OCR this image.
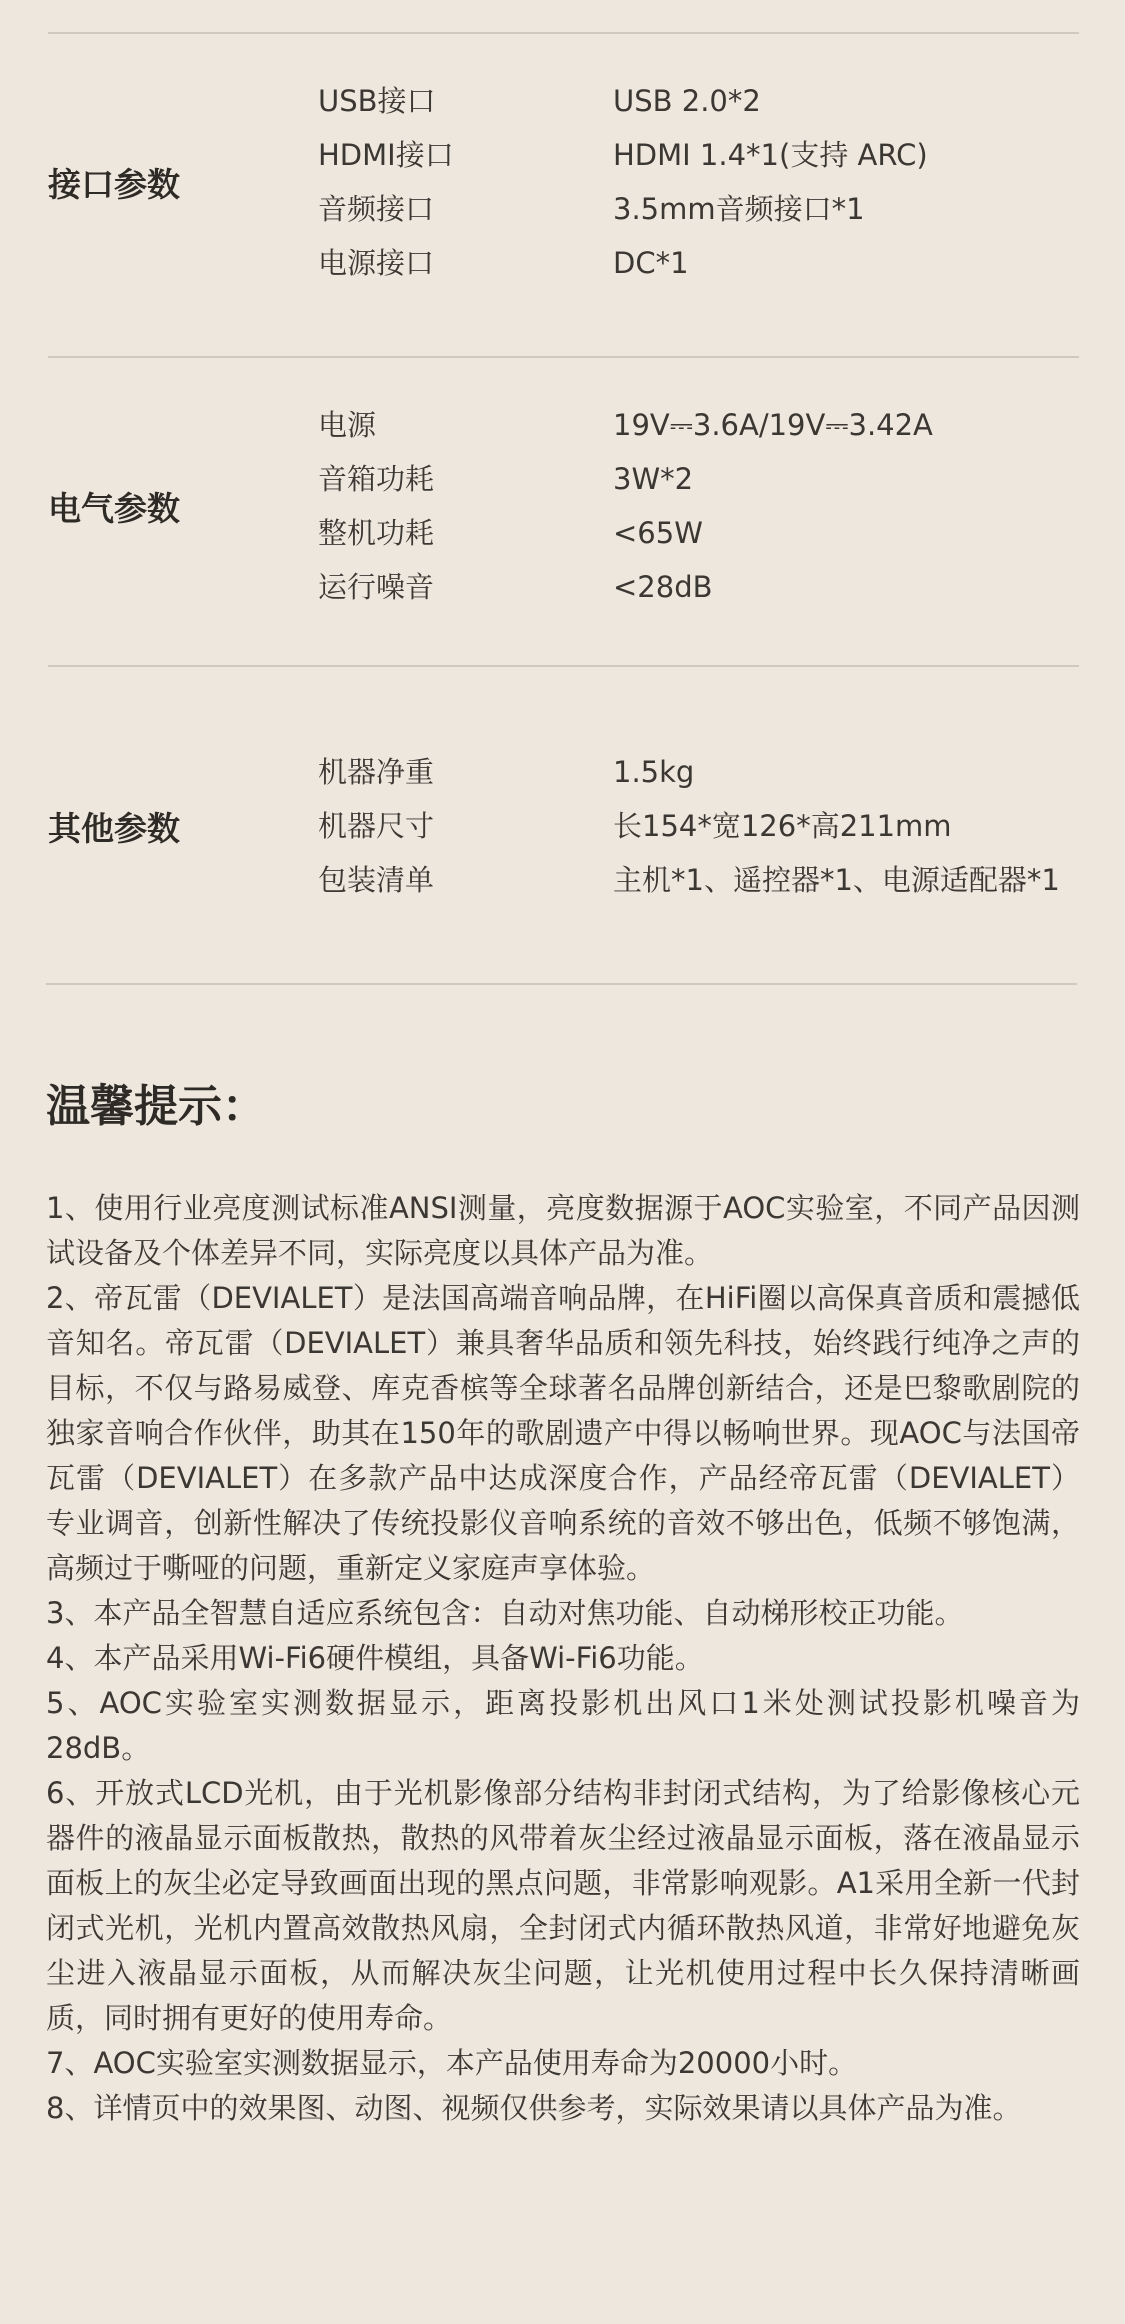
接口参数
USB接口	USB 2.0*2
HDMI接口	HDMI 1.4*1(支持 ARC)
音频接口	3.5mm音频接口*1
电源接口	DC*1
电气参数
电源	19V⎓3.6A/19V⎓3.42A
音箱功耗	3W*2
整机功耗	<65W
运行噪音	<28dB
其他参数
机器净重	1.5kg
机器尺寸	长154*宽126*高211mm
包装清单	主机*1、遥控器*1、电源适配器*1
温馨提示：

1、使用行业亮度测试标准ANSI测量，亮度数据源于AOC实验室，不同产品因测试设备及个体差异不同，实际亮度以具体产品为准。

2、帝瓦雷（DEVIALET）是法国高端音响品牌，在HiFi圈以高保真音质和震撼低音知名。帝瓦雷（DEVIALET）兼具奢华品质和领先科技，始终践行纯净之声的目标，不仅与路易威登、库克香槟等全球著名品牌创新结合，还是巴黎歌剧院的独家音响合作伙伴，助其在150年的歌剧遗产中得以畅响世界。现AOC与法国帝瓦雷（DEVIALET）在多款产品中达成深度合作，产品经帝瓦雷（DEVIALET）专业调音，创新性解决了传统投影仪音响系统的音效不够出色，低频不够饱满，高频过于嘶哑的问题，重新定义家庭声享体验。

3、本产品全智慧自适应系统包含：自动对焦功能、自动梯形校正功能。

4、本产品采用Wi-Fi6硬件模组，具备Wi-Fi6功能。

5、AOC实验室实测数据显示，距离投影机出风口1米处测试投影机噪音为28dB。

6、开放式LCD光机，由于光机影像部分结构非封闭式结构，为了给影像核心元器件的液晶显示面板散热，散热的风带着灰尘经过液晶显示面板，落在液晶显示面板上的灰尘必定导致画面出现的黑点问题，非常影响观影。A1采用全新一代封闭式光机，光机内置高效散热风扇，全封闭式内循环散热风道，非常好地避免灰尘进入液晶显示面板，从而解决灰尘问题，让光机使用过程中长久保持清晰画质，同时拥有更好的使用寿命。

7、AOC实验室实测数据显示，本产品使用寿命为20000小时。

8、详情页中的效果图、动图、视频仅供参考，实际效果请以具体产品为准。
